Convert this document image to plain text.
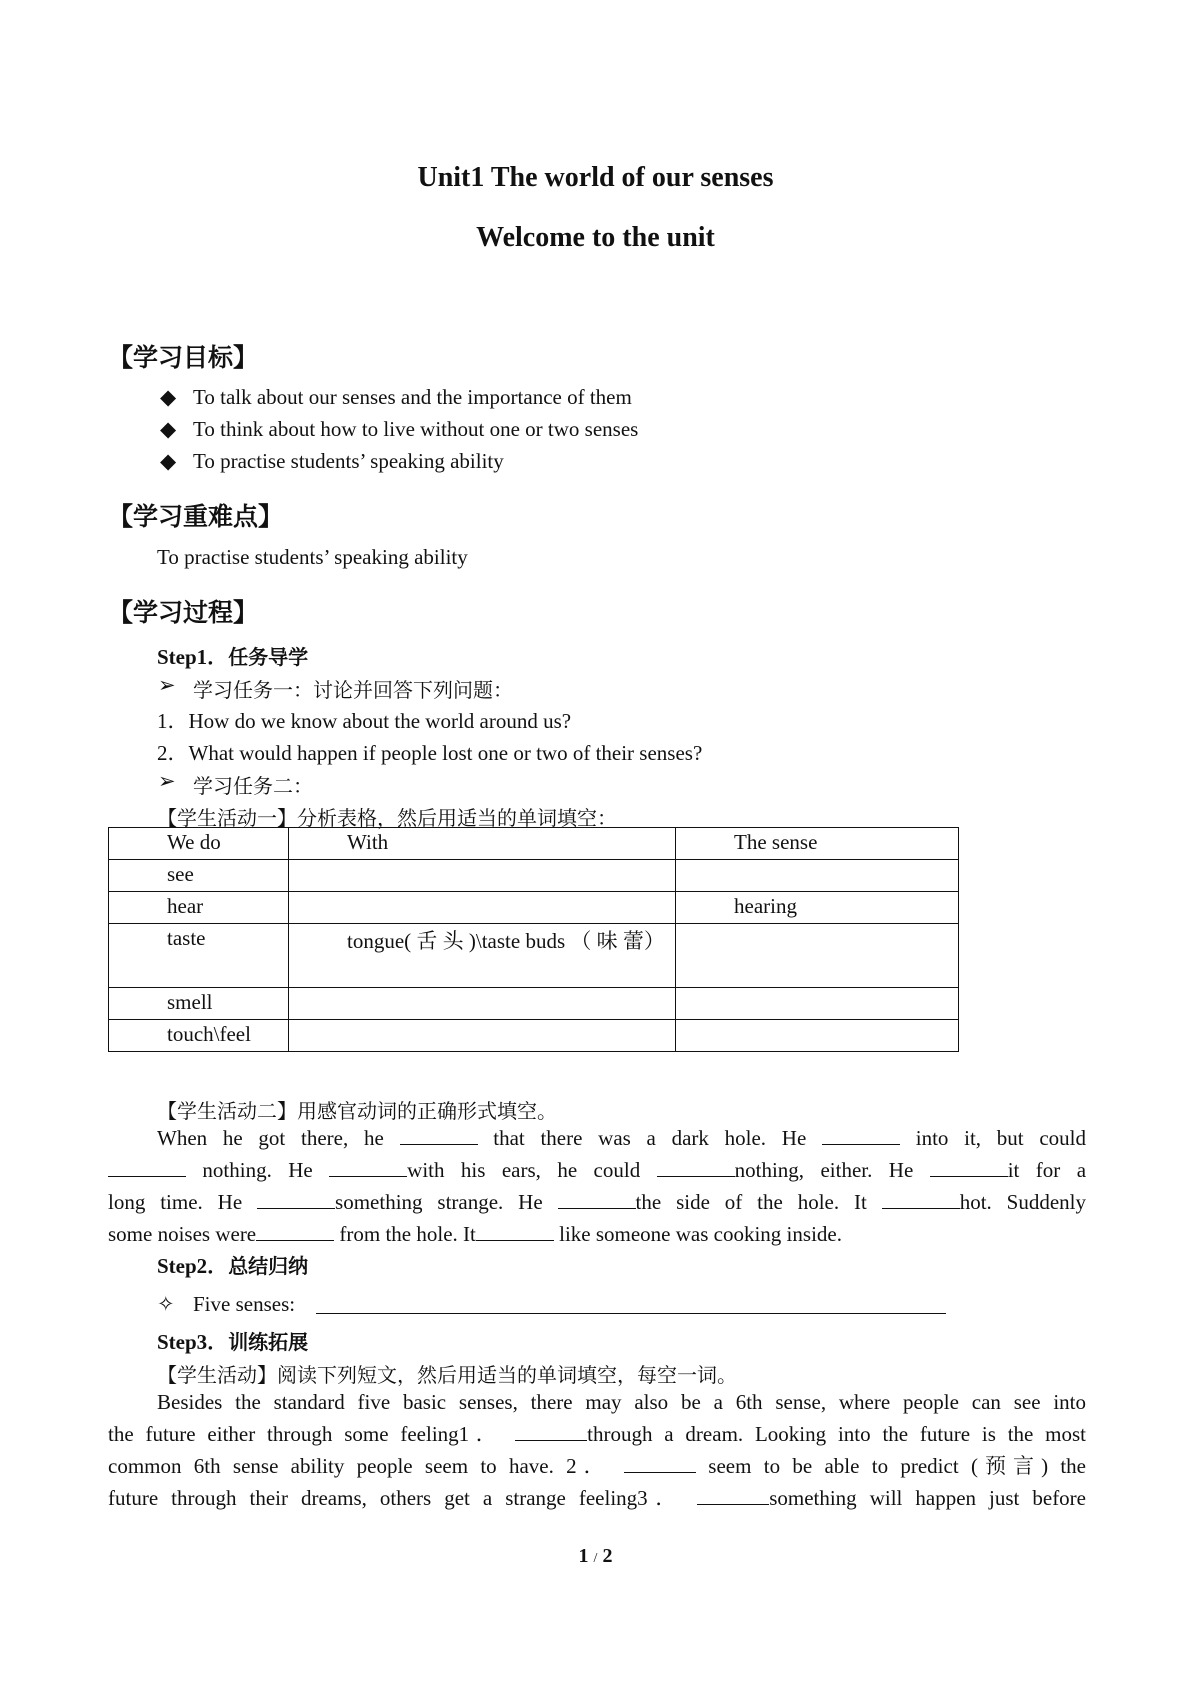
Unit1 The world of our senses
Welcome to the unit
【学习目标】
◆ To talk about our senses and the importance of them
◆ To think about how to live without one or two senses
◆ To practise students’ speaking ability
【学习重难点】
To practise students’ speaking ability
【学习过程】
Step1．任务导学
➢ 学习任务一：讨论并回答下列问题：
1．How do we know about the world around us?
2．What would happen if people lost one or two of their senses?
➢ 学习任务二：
【学生活动一】分析表格，然后用适当的单词填空：
We do	With	The sense

see		

hear		hearing

taste	tongue( 舌 头 )\taste buds （ 味 蕾）	

smell		

touch\feel		

【学生活动二】用感官动词的正确形式填空。
When he got there, he	that there was a dark hole. He	into it, but could
nothing. He	with his ears, he could	nothing, either. He	it for a
long time. He	something strange. He	the side of the hole. It	hot. Suddenly
some noises were	from the hole. It	like someone was cooking inside.
Step2．总结归纳
✧ Five senses:
Step3．训练拓展
【学生活动】阅读下列短文，然后用适当的单词填空，每空一词。
Besides the standard five basic senses, there may also be a 6th sense, where people can see into
the future either through some feeling1．	through a dream. Looking into the future is the most
common 6th sense ability people seem to have. 2．	seem to be able to predict (预言) the
future through their dreams, others get a strange feeling3．	something will happen just before
1 / 2
